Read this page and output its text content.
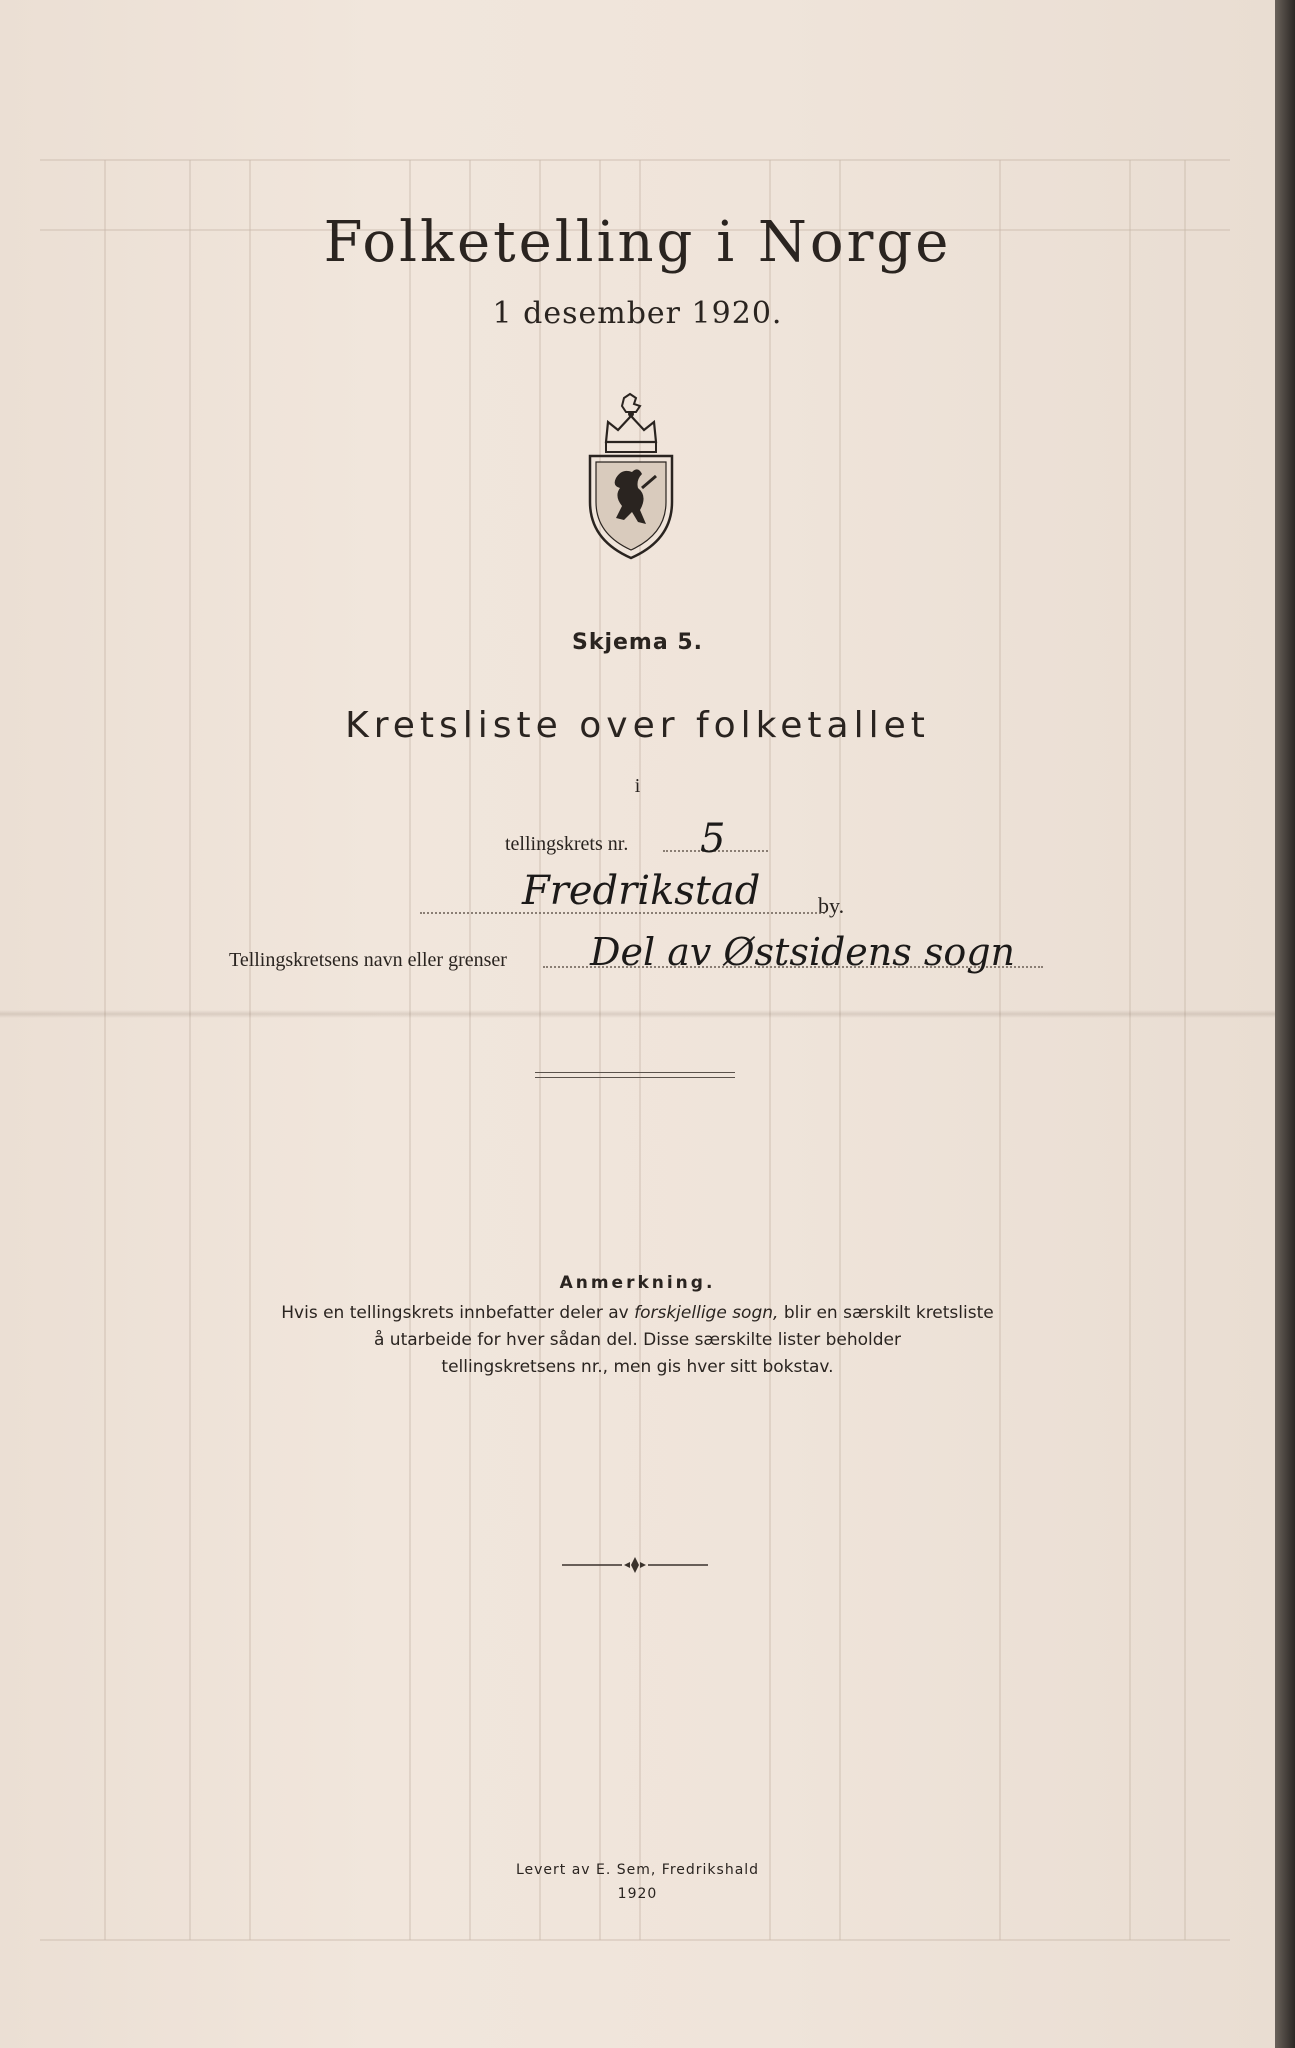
Folketelling i Norge
1 desember 1920.
Skjema 5.
Kretsliste over folketallet
i
tellingskrets nr. 5
Fredrikstad	by.
Tellingskretsens navn eller grenser Del av Østsidens sogn
Anmerkning.
Hvis en tellingskrets innbefatter deler av forskjellige sogn, blir en særskilt kretsliste
å utarbeide for hver sådan del. Disse særskilte lister beholder
tellingskretsens nr., men gis hver sitt bokstav.
Levert av E. Sem, Fredrikshald
1920
